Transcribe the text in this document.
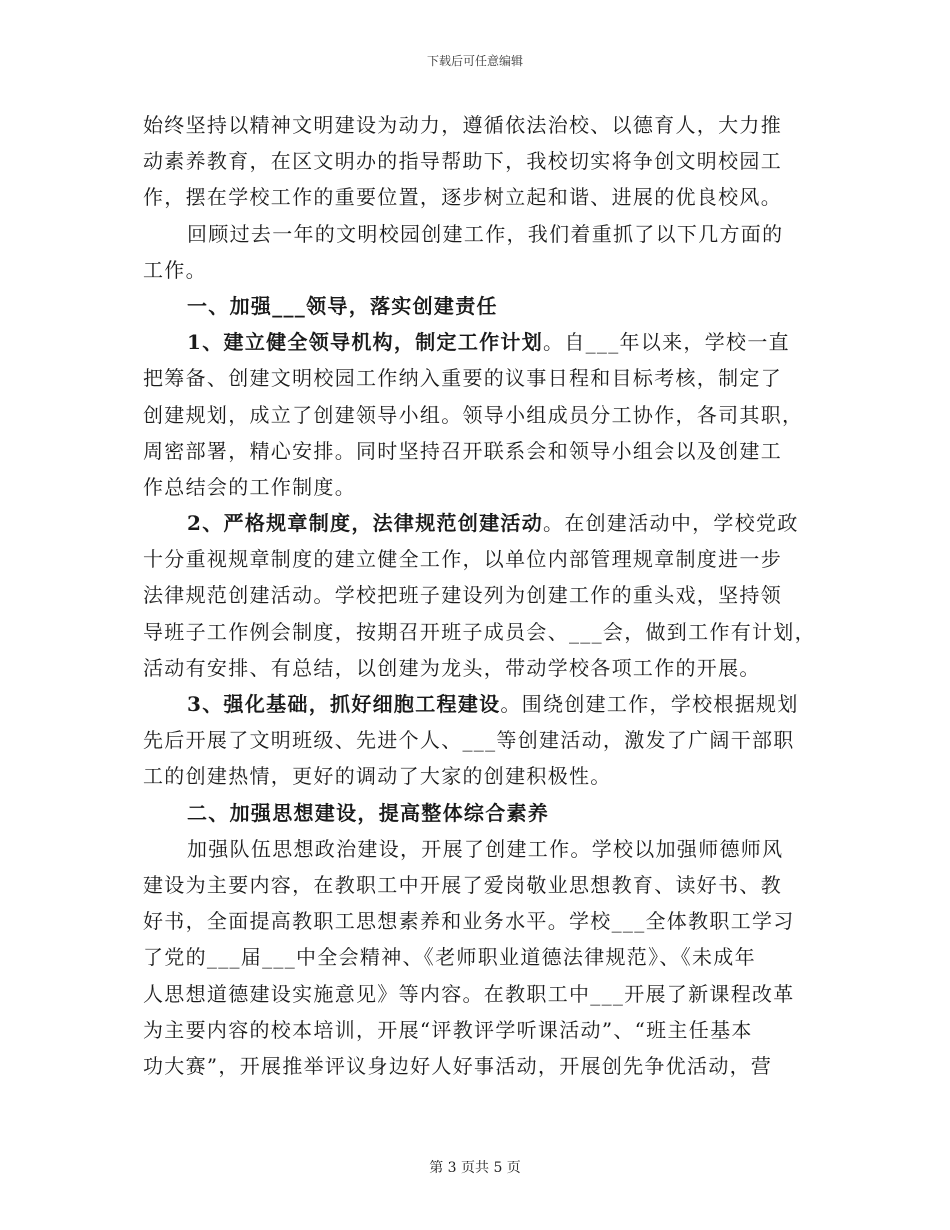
下载后可任意编辑
始终坚持以精神文明建设为动力，遵循依法治校、以德育人，大力推
动素养教育，在区文明办的指导帮助下，我校切实将争创文明校园工
作，摆在学校工作的重要位置，逐步树立起和谐、进展的优良校风。
回顾过去一年的文明校园创建工作，我们着重抓了以下几方面的
工作。
一、加强___领导，落实创建责任
1、建立健全领导机构，制定工作计划。自___年以来，学校一直
把筹备、创建文明校园工作纳入重要的议事日程和目标考核，制定了
创建规划，成立了创建领导小组。领导小组成员分工协作，各司其职，
周密部署，精心安排。同时坚持召开联系会和领导小组会以及创建工
作总结会的工作制度。
2、严格规章制度，法律规范创建活动。在创建活动中，学校党政
十分重视规章制度的建立健全工作，以单位内部管理规章制度进一步
法律规范创建活动。学校把班子建设列为创建工作的重头戏，坚持领
导班子工作例会制度，按期召开班子成员会、___会，做到工作有计划，
活动有安排、有总结，以创建为龙头，带动学校各项工作的开展。
3、强化基础，抓好细胞工程建设。围绕创建工作，学校根据规划
先后开展了文明班级、先进个人、___等创建活动，激发了广阔干部职
工的创建热情，更好的调动了大家的创建积极性。
二、加强思想建设，提高整体综合素养
加强队伍思想政治建设，开展了创建工作。学校以加强师德师风
建设为主要内容，在教职工中开展了爱岗敬业思想教育、读好书、教
好书，全面提高教职工思想素养和业务水平。学校___全体教职工学习
了党的___届___中全会精神、《老师职业道德法律规范》、《未成年
人思想道德建设实施意见》等内容。在教职工中___开展了新课程改革
为主要内容的校本培训，开展“评教评学听课活动”、“班主任基本
功大赛”，开展推举评议身边好人好事活动，开展创先争优活动，营
第 3 页共 5 页
